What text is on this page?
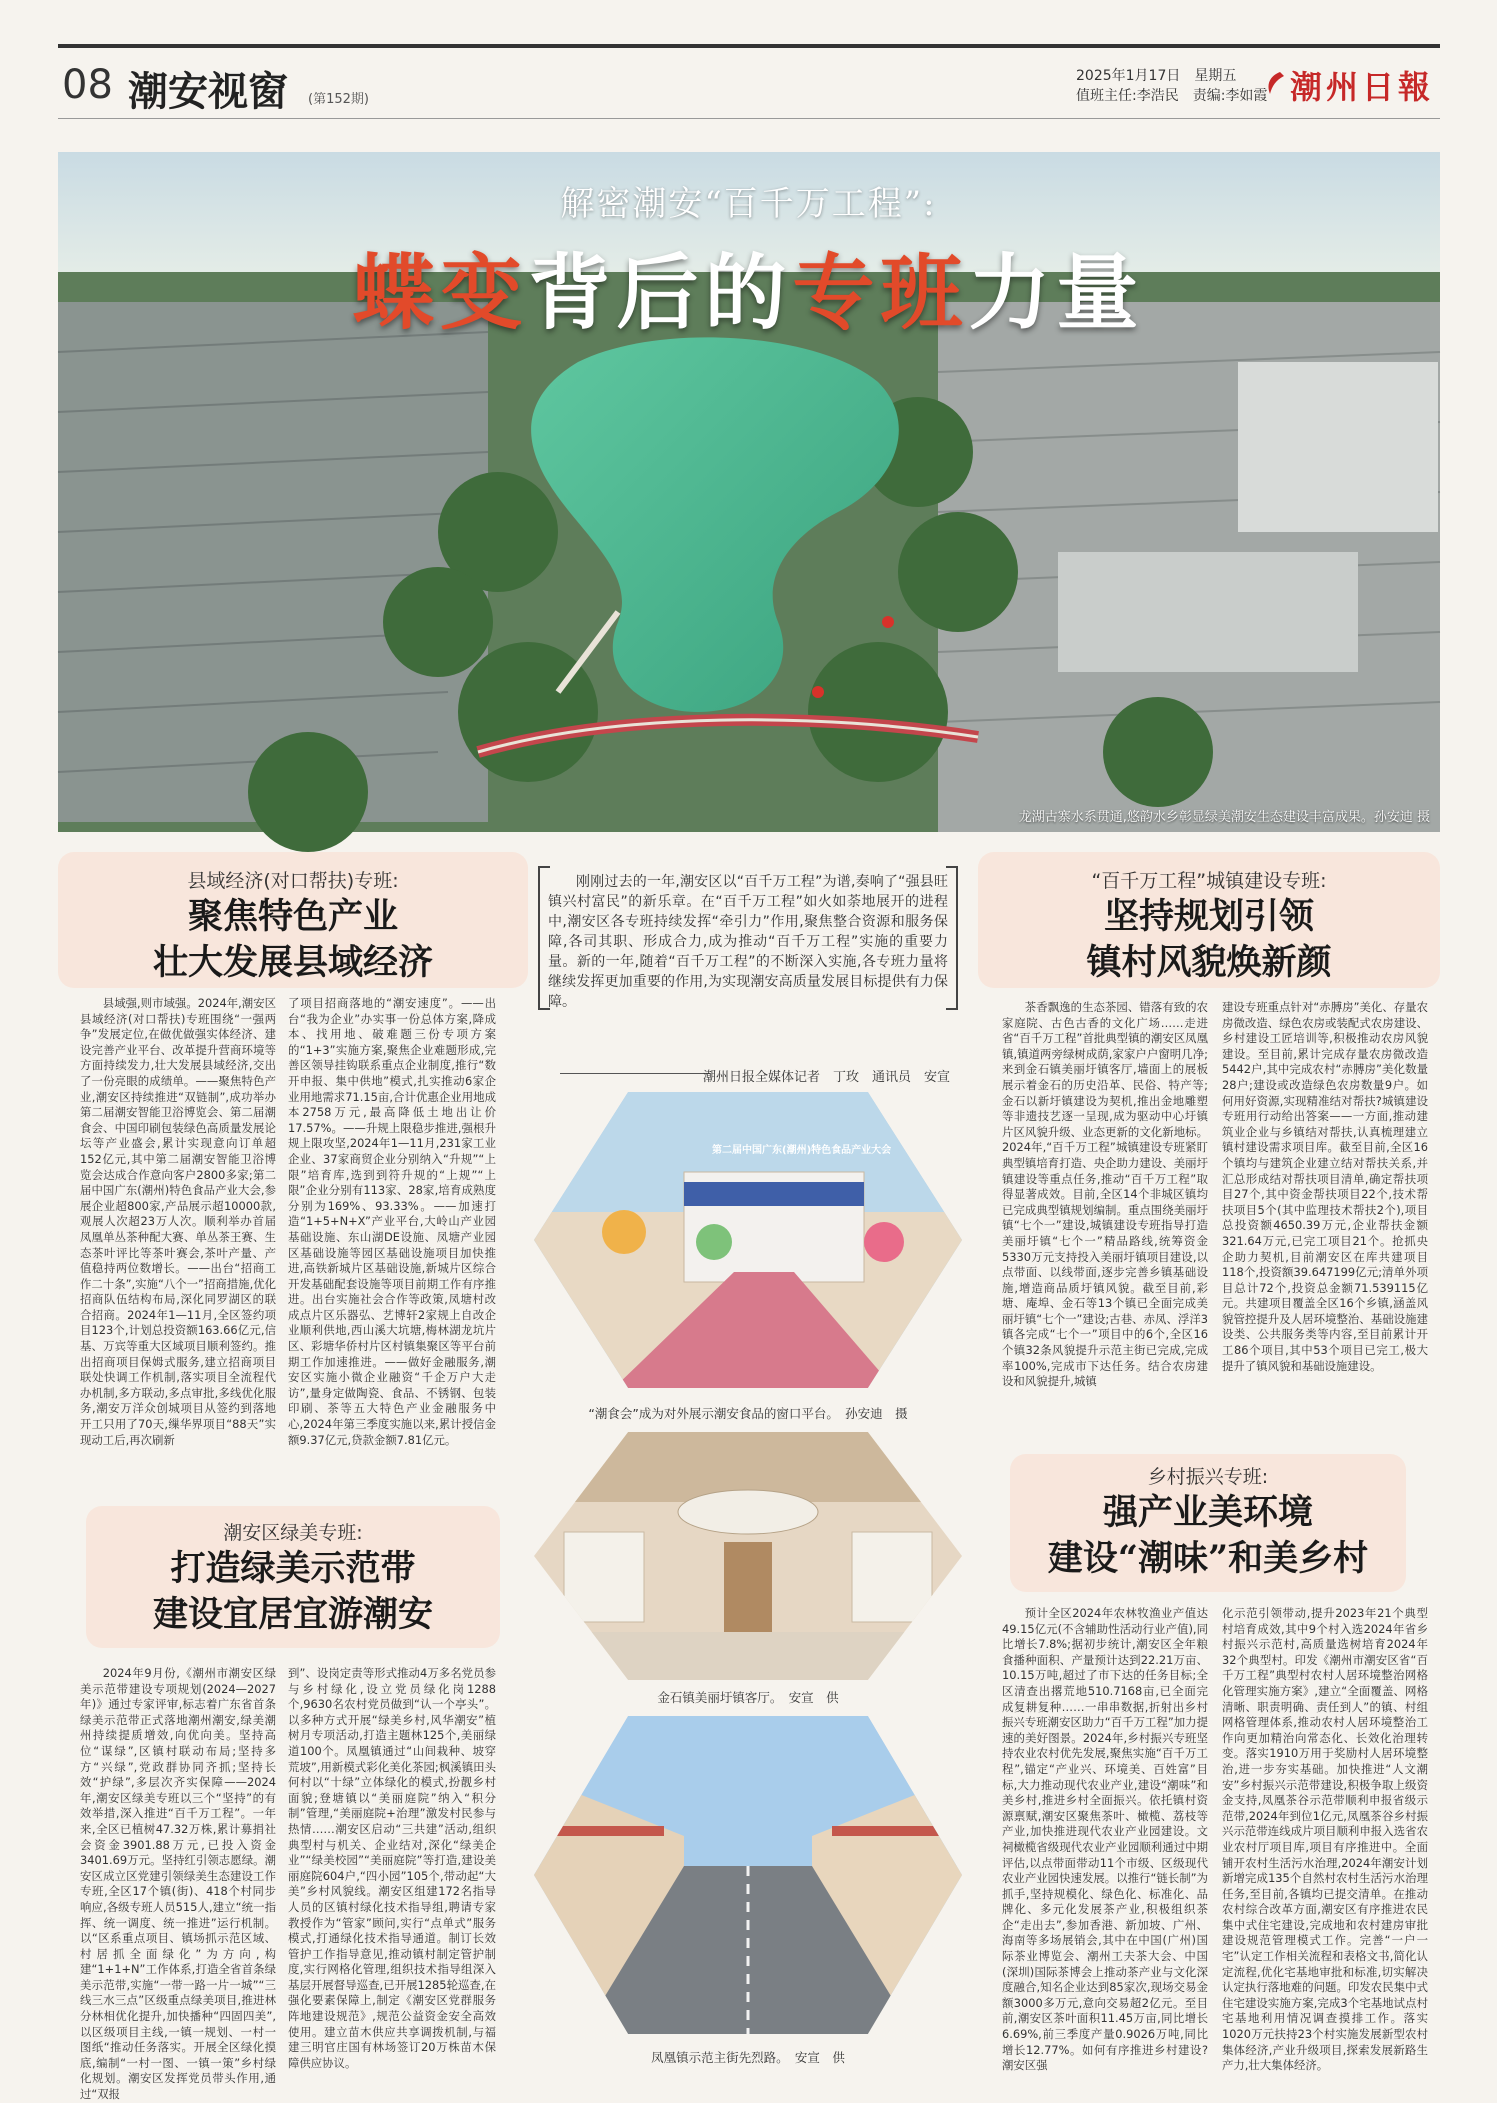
08 潮安视窗 (第152期)
2025年1月17日　星期五
值班主任:李浩民　责编:李如霞 潮州日報
解密潮安“百千万工程”:
蝶变背后的专班力量
龙湖古寨水系贯通,悠韵水乡彰显绿美潮安生态建设丰富成果。孙安迪 摄
县域经济(对口帮扶)专班:
聚焦特色产业
壮大发展县域经济
县域强,则市域强。2024年,潮安区县域经济(对口帮扶)专班围绕“一强两争”发展定位,在做优做强实体经济、建设完善产业平台、改革提升营商环境等方面持续发力,壮大发展县域经济,交出了一份亮眼的成绩单。——聚焦特色产业,潮安区持续推进“双链制”,成功举办第二届潮安智能卫浴博览会、第二届潮食会、中国印刷包装绿色高质量发展论坛等产业盛会,累计实现意向订单超152亿元,其中第二届潮安智能卫浴博览会达成合作意向客户2800多家;第二届中国广东(潮州)特色食品产业大会,参展企业超800家,产品展示超10000款,观展人次超23万人次。顺利举办首届凤凰单丛茶种配大赛、单丛茶王赛、生态茶叶评比等茶叶赛会,茶叶产量、产值稳持两位数增长。——出台“招商工作二十条”,实施“八个一”招商措施,优化招商队伍结构布局,深化同罗湖区的联合招商。2024年1—11月,全区签约项目123个,计划总投资额163.66亿元,信基、万宾等重大区域项目顺利签约。推出招商项目保姆式服务,建立招商项目联处快调工作机制,落实项目全流程代办机制,多方联动,多点审批,多线优化服务,潮安万洋众创城项目从签约到落地开工只用了70天,缫华界项目“88天”实现动工后,再次刷新
了项目招商落地的“潮安速度”。——出台“我为企业”办实事一份总体方案,降成本、找用地、破难题三份专项方案的“1+3”实施方案,聚焦企业难题形成,完善区领导挂钩联系重点企业制度,推行“数开申报、集中供地”模式,扎实推动6家企业用地需求71.15亩,合计优惠企业用地成本2758万元,最高降低土地出让价17.57%。——升规上限稳步推进,强根升规上限攻坚,2024年1—11月,231家工业企业、37家商贸企业分别纳入“升规”“上限”培育库,选到到符升规的“上规”“上限”企业分别有113家、28家,培育成熟度分别为169%、93.33%。——加速打造“1+5+N+X”产业平台,大岭山产业园基础设施、东山湖DE设施、凤塘产业园区基础设施等园区基础设施项目加快推进,高铁新城片区基础设施,新城片区综合开发基础配套设施等项目前期工作有序推进。出台实施社会合作等政策,凤塘村改成点片区乐器弘、艺博轩2家规上自改企业顺利供地,西山溪大坑塘,梅林湖龙坑片区、彩塘华侨村片区村镇集聚区等平台前期工作加速推进。——做好金融服务,潮安区实施小微企业融资“千企万户大走访”,量身定做陶瓷、食品、不锈钢、包装印刷、茶等五大特色产业金融服务中心,2024年第三季度实施以来,累计授信金额9.37亿元,贷款金额7.81亿元。
潮安区绿美专班:
打造绿美示范带
建设宜居宜游潮安
2024年9月份,《潮州市潮安区绿美示范带建设专项规划(2024—2027年)》通过专家评审,标志着广东省首条绿美示范带正式落地潮州潮安,绿美潮州持续提质增效,向优向美。坚持高位“谋绿”,区镇村联动布局;坚持多方“兴绿”,党政群协同齐抓;坚持长效“护绿”,多层次齐实保障——2024年,潮安区绿美专班以三个“坚持”的有效举措,深入推进“百千万工程”。一年来,全区已植树47.32万株,累计募捐社会资金3901.88万元,已投入资金3401.69万元。坚持红引领志愿绿。潮安区成立区党建引领绿美生态建设工作专班,全区17个镇(街)、418个村同步响应,各级专班人员515人,建立“统一指挥、统一调度、统一推进”运行机制。以“区系重点项目、镇场抓示范区域、村居抓全面绿化”为方向,构建“1+1+N”工作体系,打造全省首条绿美示范带,实施“一带一路一片一城”“三线三水三点”区级重点绿美项目,推进林分林相优化提升,加快播种“四固四美”,以区级项目主线,一镇一规划、一村一图纸“推动任务落实。开展全区绿化摸底,编制“一村一图、一镇一策”乡村绿化规划。潮安区发挥党员带头作用,通过“双报
到”、设岗定责等形式推动4万多名党员参与乡村绿化,设立党员绿化岗1288个,9630名农村党员做到“认一个亭头”。以多种方式开展“绿美乡村,风华潮安”植树月专项活动,打造主题林125个,美丽绿道100个。凤凰镇通过“山间栽种、坡穿荒坡”,用新模式彩化美化茶园;枫溪镇田头何村以“十绿”立体绿化的模式,扮靓乡村面貌;登塘镇以“美丽庭院”纳入“积分制”管理,“美丽庭院+治理”激发村民参与热情……潮安区启动“三共建”活动,组织典型村与机关、企业结对,深化“绿美企业”“绿美校园”“美丽庭院”等打造,建设美丽庭院604户,“四小园”105个,带动起“大美”乡村风貌线。潮安区组建172名指导人员的区镇村绿化技术指导组,聘请专家教授作为“管家”顾问,实行“点单式”服务模式,打通绿化技术指导通道。制订长效管护工作指导意见,推动镇村制定管护制度,实行网格化管理,组织技术指导组深入基层开展督导巡查,已开展1285轮巡查,在强化要素保障上,制定《潮安区党群服务阵地建设规范》,规范公益资金安全高效使用。建立苗木供应共享调拨机制,与福建三明官庄国有林场签订20万株苗木保障供应协议。
刚刚过去的一年,潮安区以“百千万工程”为谱,奏响了“强县旺镇兴村富民”的新乐章。在“百千万工程”如火如荼地展开的进程中,潮安区各专班持续发挥“牵引力”作用,聚焦整合资源和服务保障,各司其职、形成合力,成为推动“百千万工程”实施的重要力量。新的一年,随着“百千万工程”的不断深入实施,各专班力量将继续发挥更加重要的作用,为实现潮安高质量发展目标提供有力保障。
潮州日报全媒体记者　丁玫　通讯员　安宣
第二届中国广东(潮州)特色食品产业大会
“潮食会”成为对外展示潮安食品的窗口平台。　孙安迪　摄
金石镇美丽圩镇客厅。　安宣　供
凤凰镇示范主街先烈路。　安宣　供
“百千万工程”城镇建设专班:
坚持规划引领
镇村风貌焕新颜
茶香飘逸的生态茶园、错落有致的农家庭院、古色古香的文化广场……走进省“百千万工程”首批典型镇的潮安区凤凰镇,镇道两旁绿树成荫,家家户户窗明几净;来到金石镇美丽圩镇客厅,墙面上的展板展示着金石的历史沿革、民俗、特产等;金石以新圩镇建设为契机,推出金地雕塑等非遗技艺逐一呈现,成为驱动中心圩镇片区风貌升级、业态更新的文化新地标。2024年,“百千万工程”城镇建设专班紧盯典型镇培育打造、央企助力建设、美丽圩镇建设等重点任务,推动“百千万工程”取得显著成效。目前,全区14个非城区镇均已完成典型镇规划编制。重点围绕美丽圩镇“七个一”建设,城镇建设专班指导打造美丽圩镇“七个一”精品路线,统筹资金5330万元支持投入美丽圩镇项目建设,以点带面、以线带面,逐步完善乡镇基础设施,增造商品质圩镇风貌。截至目前,彩塘、庵埠、金石等13个镇已全面完成美丽圩镇“七个一”建设;古巷、赤凤、浮洋3镇各完成“七个一”项目中的6个,全区16个镇32条风貌提升示范主街已完成,完成率100%,完成市下达任务。结合农房建设和风貌提升,城镇
建设专班重点针对“赤膊房”美化、存量农房微改造、绿色农房或装配式农房建设、乡村建设工匠培训等,积极推动农房风貌建设。至目前,累计完成存量农房微改造5442户,其中完成农村“赤膊房”美化数量28户;建设或改造绿色农房数量9户。如何用好资源,实现精准结对帮扶?城镇建设专班用行动给出答案——一方面,推动建筑业企业与乡镇结对帮扶,认真梳理建立镇村建设需求项目库。截至目前,全区16个镇均与建筑企业建立结对帮扶关系,并汇总形成结对帮扶项目清单,确定帮扶项目27个,其中资金帮扶项目22个,技术帮扶项目5个(其中监理技术帮扶2个),项目总投资额4650.39万元,企业帮扶金额321.64万元,已完工项目21个。抢抓央企助力契机,目前潮安区在库共建项目118个,投资额39.647199亿元;清单外项目总计72个,投资总金额71.539115亿元。共建项目覆盖全区16个乡镇,涵盖风貌管控提升及人居环境整治、基础设施建设类、公共服务类等内容,至目前累计开工86个项目,其中53个项目已完工,极大提升了镇风貌和基础设施建设。
乡村振兴专班:
强产业美环境
建设“潮味”和美乡村
预计全区2024年农林牧渔业产值达49.15亿元(不含辅助性活动行业产值),同比增长7.8%;据初步统计,潮安区全年粮食播种面积、产量预计达到22.21万亩、10.15万吨,超过了市下达的任务目标;全区清查出撂荒地510.7168亩,已全面完成复耕复种……一串串数据,折射出乡村振兴专班潮安区助力“百千万工程”加力提速的美好图景。2024年,乡村振兴专班坚持农业农村优先发展,聚焦实施“百千万工程”,锚定“产业兴、环境美、百姓富”目标,大力推动现代农业产业,建设“潮味”和美乡村,推进乡村全面振兴。依托镇村资源禀赋,潮安区聚焦茶叶、橄榄、荔枝等产业,加快推进现代农业产业园建设。文祠橄榄省级现代农业产业园顺利通过中期评估,以点带面带动11个市级、区级现代农业产业园快速发展。以推行“链长制”为抓手,坚持规模化、绿色化、标准化、品牌化、多元化发展茶产业,积极组织茶企“走出去”,参加香港、新加坡、广州、海南等多场展销会,其中在中国(广州)国际茶业博览会、潮州工夫茶大会、中国(深圳)国际茶博会上推动茶产业与文化深度融合,知名企业达到85家次,现场交易金额3000多万元,意向交易超2亿元。至目前,潮安区茶叶面积11.45万亩,同比增长6.69%,前三季度产量0.9026万吨,同比增长12.77%。如何有序推进乡村建设?潮安区强
化示范引领带动,提升2023年21个典型村培育成效,其中9个村入选2024年省乡村振兴示范村,高质量选树培育2024年32个典型村。印发《潮州市潮安区省“百千万工程”典型村农村人居环境整治网格化管理实施方案》,建立“全面覆盖、网格清晰、职责明确、责任到人”的镇、村组网格管理体系,推动农村人居环境整治工作向更加精治向常态化、长效化治理转变。落实1910万用于奖励村人居环境整治,进一步夯实基础。加快推进“人文潮安”乡村振兴示范带建设,积极争取上级资金支持,凤凰茶谷示范带顺利申报省级示范带,2024年到位1亿元,凤凰茶谷乡村振兴示范带连线成片项目顺利申报入选省农业农村厅项目库,项目有序推进中。全面铺开农村生活污水治理,2024年潮安计划新增完成135个自然村农村生活污水治理任务,至目前,各镇均已提交清单。在推动农村综合改革方面,潮安区有序推进农民集中式住宅建设,完成地和农村建房审批建设规范管理模式工作。完善“一户一宅”认定工作相关流程和表格文书,简化认定流程,优化宅基地审批和标准,切实解决认定执行落地难的问题。印发农民集中式住宅建设实施方案,完成3个宅基地试点村宅基地利用情况调查摸排工作。落实1020万元扶持23个村实施发展新型农村集体经济,产业升级项目,探索发展新路生产力,壮大集体经济。
